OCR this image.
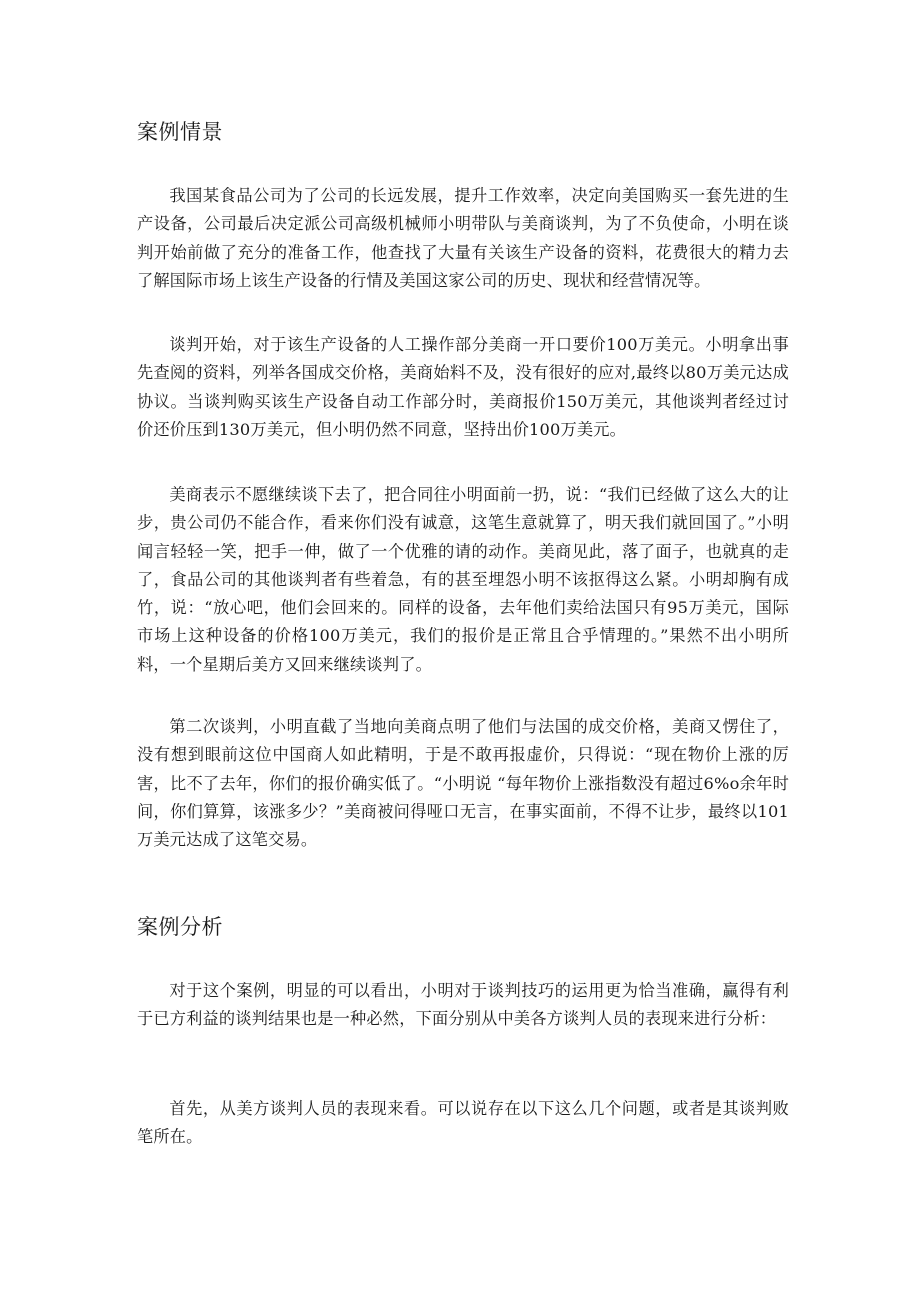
案例情景

我国某食品公司为了公司的长远发展，提升工作效率，决定向美国购买一套先进的生产设备，公司最后决定派公司高级机械师小明带队与美商谈判，为了不负使命，小明在谈判开始前做了充分的准备工作，他查找了大量有关该生产设备的资料，花费很大的精力去了解国际市场上该生产设备的行情及美国这家公司的历史、现状和经营情况等。

谈判开始，对于该生产设备的人工操作部分美商一开口要价100万美元。小明拿出事先查阅的资料，列举各国成交价格，美商始料不及，没有很好的应对,最终以80万美元达成协议。当谈判购买该生产设备自动工作部分时，美商报价150万美元，其他谈判者经过讨价还价压到130万美元，但小明仍然不同意，坚持出价100万美元。

美商表示不愿继续谈下去了，把合同往小明面前一扔，说：“我们已经做了这么大的让步，贵公司仍不能合作，看来你们没有诚意，这笔生意就算了，明天我们就回国了。”小明闻言轻轻一笑，把手一伸，做了一个优雅的请的动作。美商见此，落了面子，也就真的走了，食品公司的其他谈判者有些着急，有的甚至埋怨小明不该抠得这么紧。小明却胸有成竹，说：“放心吧，他们会回来的。同样的设备，去年他们卖给法国只有95万美元，国际市场上这种设备的价格100万美元，我们的报价是正常且合乎情理的。”果然不出小明所料，一个星期后美方又回来继续谈判了。

第二次谈判，小明直截了当地向美商点明了他们与法国的成交价格，美商又愣住了，没有想到眼前这位中国商人如此精明，于是不敢再报虚价，只得说：“现在物价上涨的厉害，比不了去年，你们的报价确实低了。“小明说 “每年物价上涨指数没有超过6%o余年时间，你们算算，该涨多少？”美商被问得哑口无言，在事实面前，不得不让步，最终以101万美元达成了这笔交易。

案例分析

对于这个案例，明显的可以看出，小明对于谈判技巧的运用更为恰当准确，赢得有利于已方利益的谈判结果也是一种必然，下面分别从中美各方谈判人员的表现来进行分析：

首先，从美方谈判人员的表现来看。可以说存在以下这么几个问题，或者是其谈判败笔所在。
